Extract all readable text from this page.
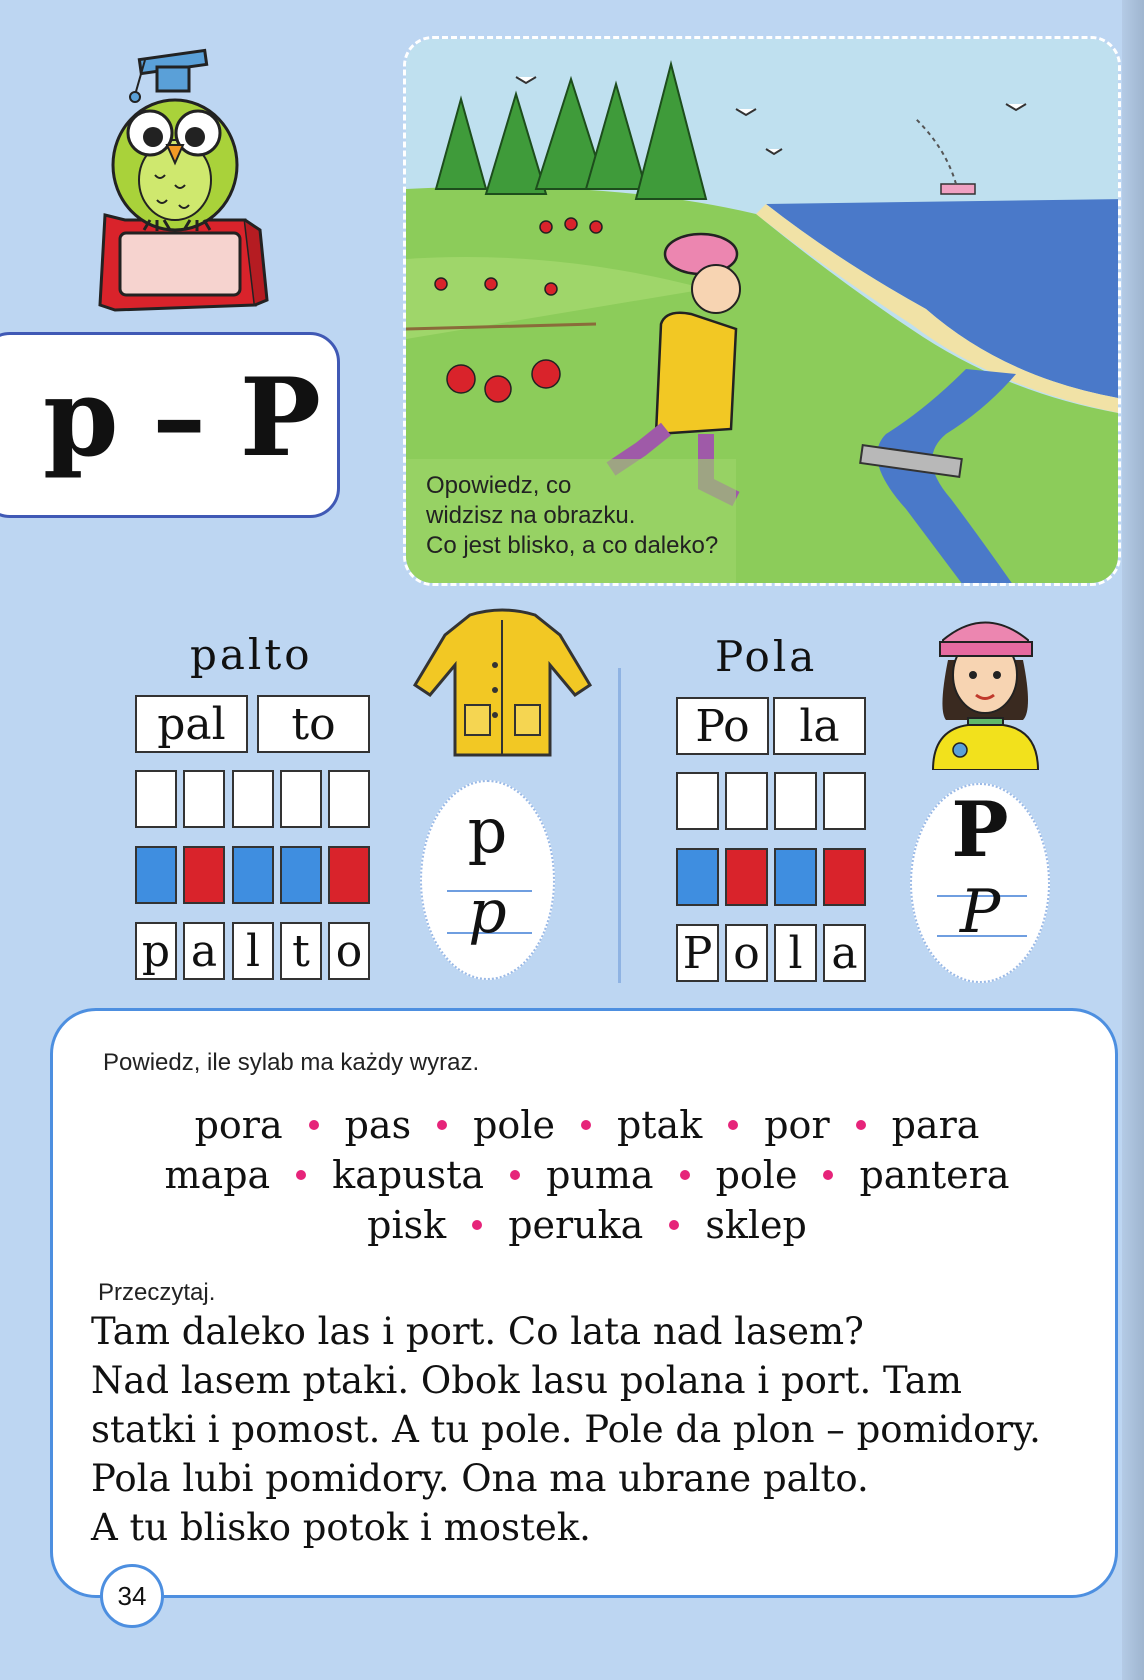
p – P
Opowiedz, co
widzisz na obrazku.
Co jest blisko, a co daleko?
palto
pal	to
p a l t o
p
p
Pola
Po	la
P o l a
P
P
Powiedz, ile sylab ma każdy wyraz.
pora pas pole ptak por para
mapa kapusta puma pole pantera
pisk peruka sklep
Przeczytaj.
Tam daleko las i port. Co lata nad lasem?
Nad lasem ptaki. Obok lasu polana i port. Tam
statki i pomost. A tu pole. Pole da plon – pomidory.
Pola lubi pomidory. Ona ma ubrane palto.
A tu blisko potok i mostek.
34
